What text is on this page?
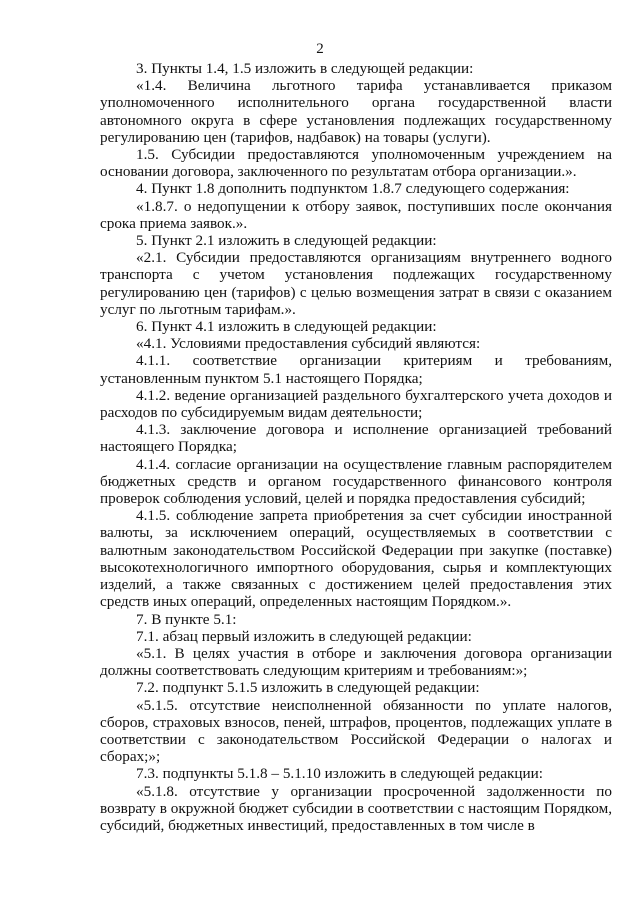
2

3. Пункты 1.4, 1.5 изложить в следующей редакции:

«1.4. Величина льготного тарифа устанавливается приказом уполномоченного исполнительного органа государственной власти автономного округа в сфере установления подлежащих государственному регулированию цен (тарифов, надбавок) на товары (услуги).

1.5. Субсидии предоставляются уполномоченным учреждением на основании договора, заключенного по результатам отбора организации.».

4. Пункт 1.8 дополнить подпунктом 1.8.7 следующего содержания:

«1.8.7. о недопущении к отбору заявок, поступивших после окончания срока приема заявок.».

5. Пункт 2.1 изложить в следующей редакции:

«2.1. Субсидии предоставляются организациям внутреннего водного транспорта с учетом установления подлежащих государственному регулированию цен (тарифов) с целью возмещения затрат в связи с оказанием услуг по льготным тарифам.».

6. Пункт 4.1 изложить в следующей редакции:

«4.1. Условиями предоставления субсидий являются:

4.1.1. соответствие организации критериям и требованиям, установленным пунктом 5.1 настоящего Порядка;

4.1.2. ведение организацией раздельного бухгалтерского учета доходов и расходов по субсидируемым видам деятельности;

4.1.3. заключение договора и исполнение организацией требований настоящего Порядка;

4.1.4. согласие организации на осуществление главным распорядителем бюджетных средств и органом государственного финансового контроля проверок соблюдения условий, целей и порядка предоставления субсидий;

4.1.5. соблюдение запрета приобретения за счет субсидии иностранной валюты, за исключением операций, осуществляемых в соответствии с валютным законодательством Российской Федерации при закупке (поставке) высокотехнологичного импортного оборудования, сырья и комплектующих изделий, а также связанных с достижением целей предоставления этих средств иных операций, определенных настоящим Порядком.».

7. В пункте 5.1:

7.1. абзац первый изложить в следующей редакции:

«5.1. В целях участия в отборе и заключения договора организации должны соответствовать следующим критериям и требованиям:»;

7.2. подпункт 5.1.5 изложить в следующей редакции:

«5.1.5. отсутствие неисполненной обязанности по уплате налогов, сборов, страховых взносов, пеней, штрафов, процентов, подлежащих уплате в соответствии с законодательством Российской Федерации о налогах и сборах;»;

7.3. подпункты 5.1.8 – 5.1.10 изложить в следующей редакции:

«5.1.8. отсутствие у организации просроченной задолженности по возврату в окружной бюджет субсидии в соответствии с настоящим Порядком, субсидий, бюджетных инвестиций, предоставленных в том числе в
